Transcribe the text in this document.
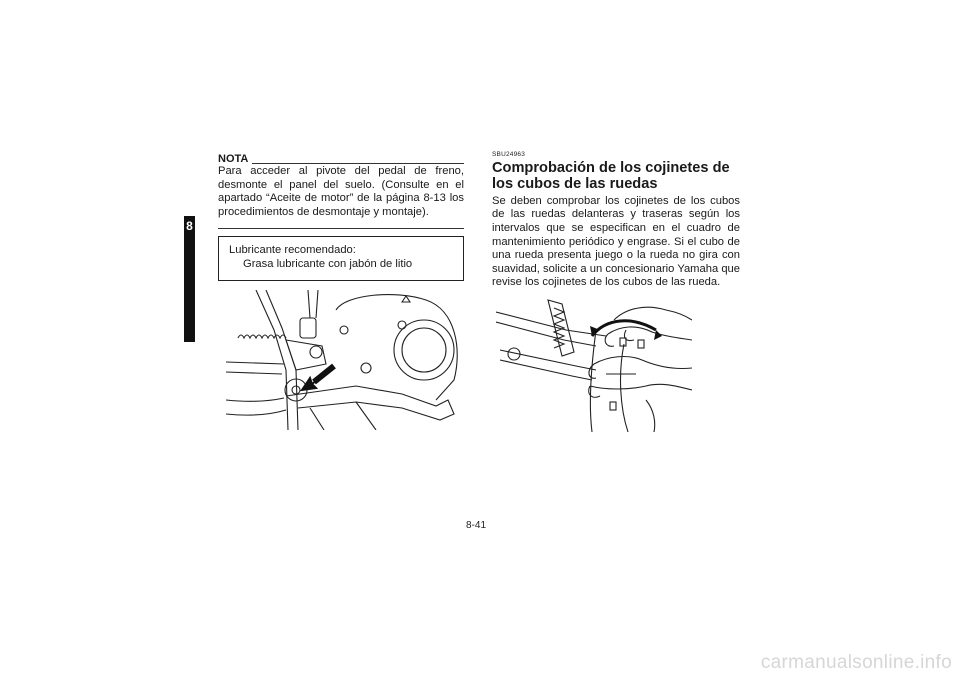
8
NOTA

Para acceder al pivote del pedal de freno, desmonte el panel del suelo. (Consulte en el apartado “Aceite de motor” de la página 8-13 los procedimientos de desmontaje y montaje).

Lubricante recomendado:
Grasa lubricante con jabón de litio
SBU24963
Comprobación de los cojinetes de los cubos de las ruedas

Se deben comprobar los cojinetes de los cubos de las ruedas delanteras y traseras según los intervalos que se especifican en el cuadro de mantenimiento periódico y engrase. Si el cubo de una rueda presenta juego o la rueda no gira con suavidad, solicite a un concesionario Yamaha que revise los cojinetes de los cubos de las rueda.

8-41
carmanualsonline.info
